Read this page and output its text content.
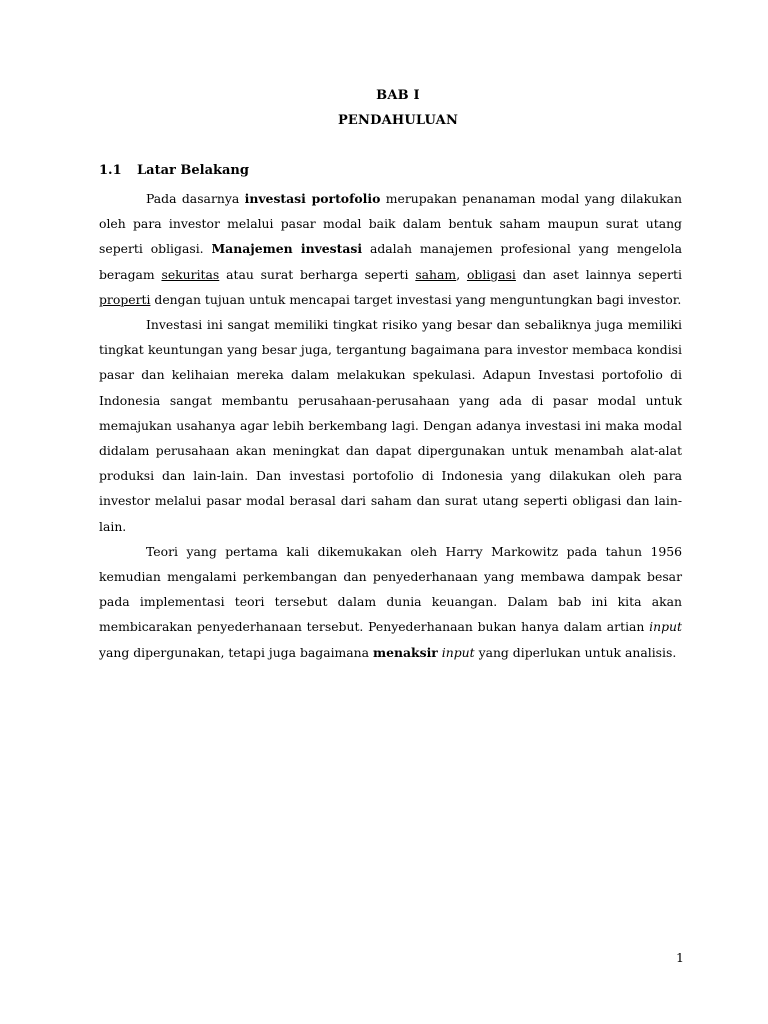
BAB I
PENDAHULUAN
1.1 Latar Belakang

Pada dasarnya investasi portofolio merupakan penanaman modal yang dilakukan oleh para investor melalui pasar modal baik dalam bentuk saham maupun surat utang seperti obligasi. Manajemen investasi adalah manajemen profesional yang mengelola beragam sekuritas atau surat berharga seperti saham, obligasi dan aset lainnya seperti properti dengan tujuan untuk mencapai target investasi yang menguntungkan bagi investor.

Investasi ini sangat memiliki tingkat risiko yang besar dan sebaliknya juga memiliki tingkat keuntungan yang besar juga, tergantung bagaimana para investor membaca kondisi pasar dan kelihaian mereka dalam melakukan spekulasi. Adapun Investasi portofolio di Indonesia sangat membantu perusahaan-perusahaan yang ada di pasar modal untuk memajukan usahanya agar lebih berkembang lagi. Dengan adanya investasi ini maka modal didalam perusahaan akan meningkat dan dapat dipergunakan untuk menambah alat-alat produksi dan lain-lain. Dan investasi portofolio di Indonesia yang dilakukan oleh para investor melalui pasar modal berasal dari saham dan surat utang seperti obligasi dan lain-lain.

Teori yang pertama kali dikemukakan oleh Harry Markowitz pada tahun 1956 kemudian mengalami perkembangan dan penyederhanaan yang membawa dampak besar pada implementasi teori tersebut dalam dunia keuangan. Dalam bab ini kita akan membicarakan penyederhanaan tersebut. Penyederhanaan bukan hanya dalam artian input yang dipergunakan, tetapi juga bagaimana menaksir input yang diperlukan untuk analisis.

1
